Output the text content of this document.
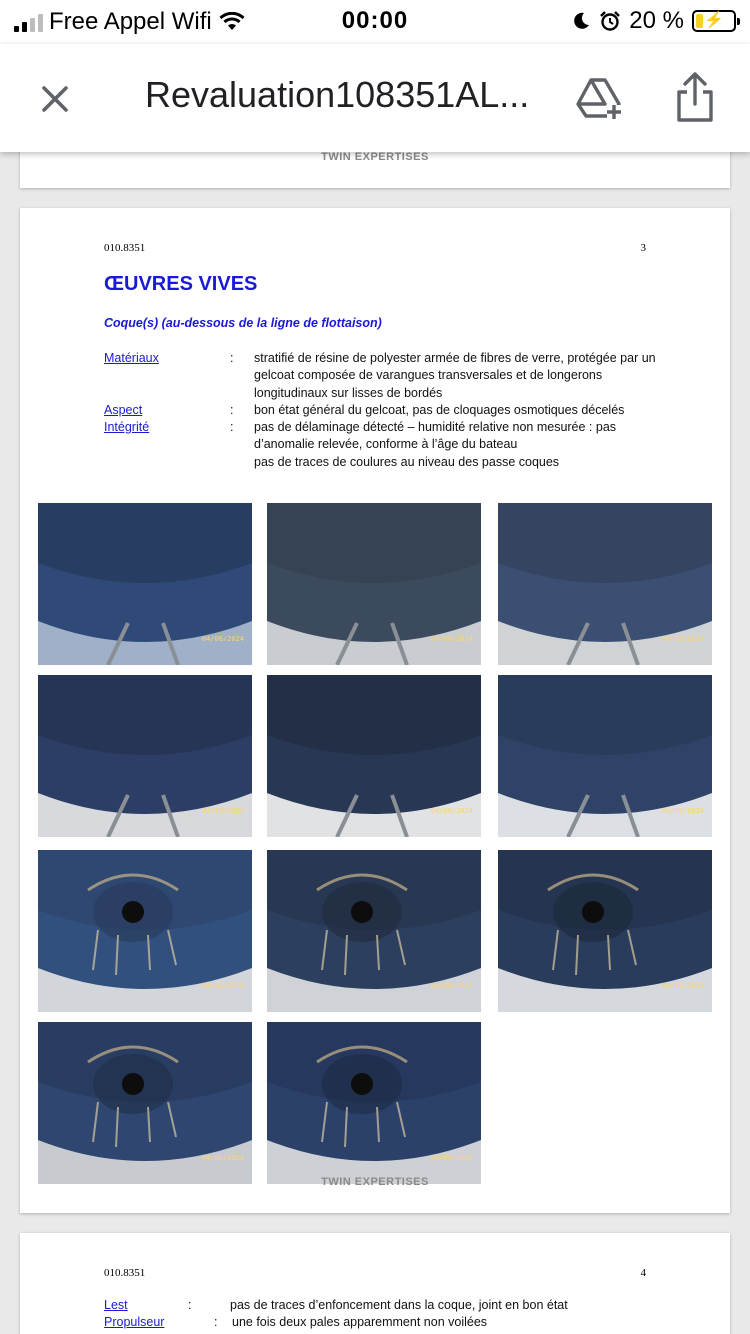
Free Appel Wifi	00:00	20 % ⚡
Revaluation108351AL...
TWIN EXPERTISES
010.8351	3
ŒUVRES VIVES
Coque(s) (au-dessous de la ligne de flottaison)
Matériaux	: stratifié de résine de polyester armée de fibres de verre, protégée par un gelcoat composée de varangues transversales et de longerons longitudinaux sur lisses de bordés
Aspect	: bon état général du gelcoat, pas de cloquages osmotiques décelés
Intégrité	: pas de délaminage détecté – humidité relative non mesurée : pas d’anomalie relevée, conforme à l’âge du bateau
pas de traces de coulures au niveau des passe coques
04/06/2024	04/06/2024	04/06/2024
04/06/2024	04/06/2024	04/06/2024
04/06/2024	04/06/2024	04/06/2024
04/06/2024	04/06/2024
TWIN EXPERTISES
010.8351	4
Lest	:	pas de traces d’enfoncement dans la coque, joint en bon état
Propulseur	: une fois deux pales apparemment non voilées
